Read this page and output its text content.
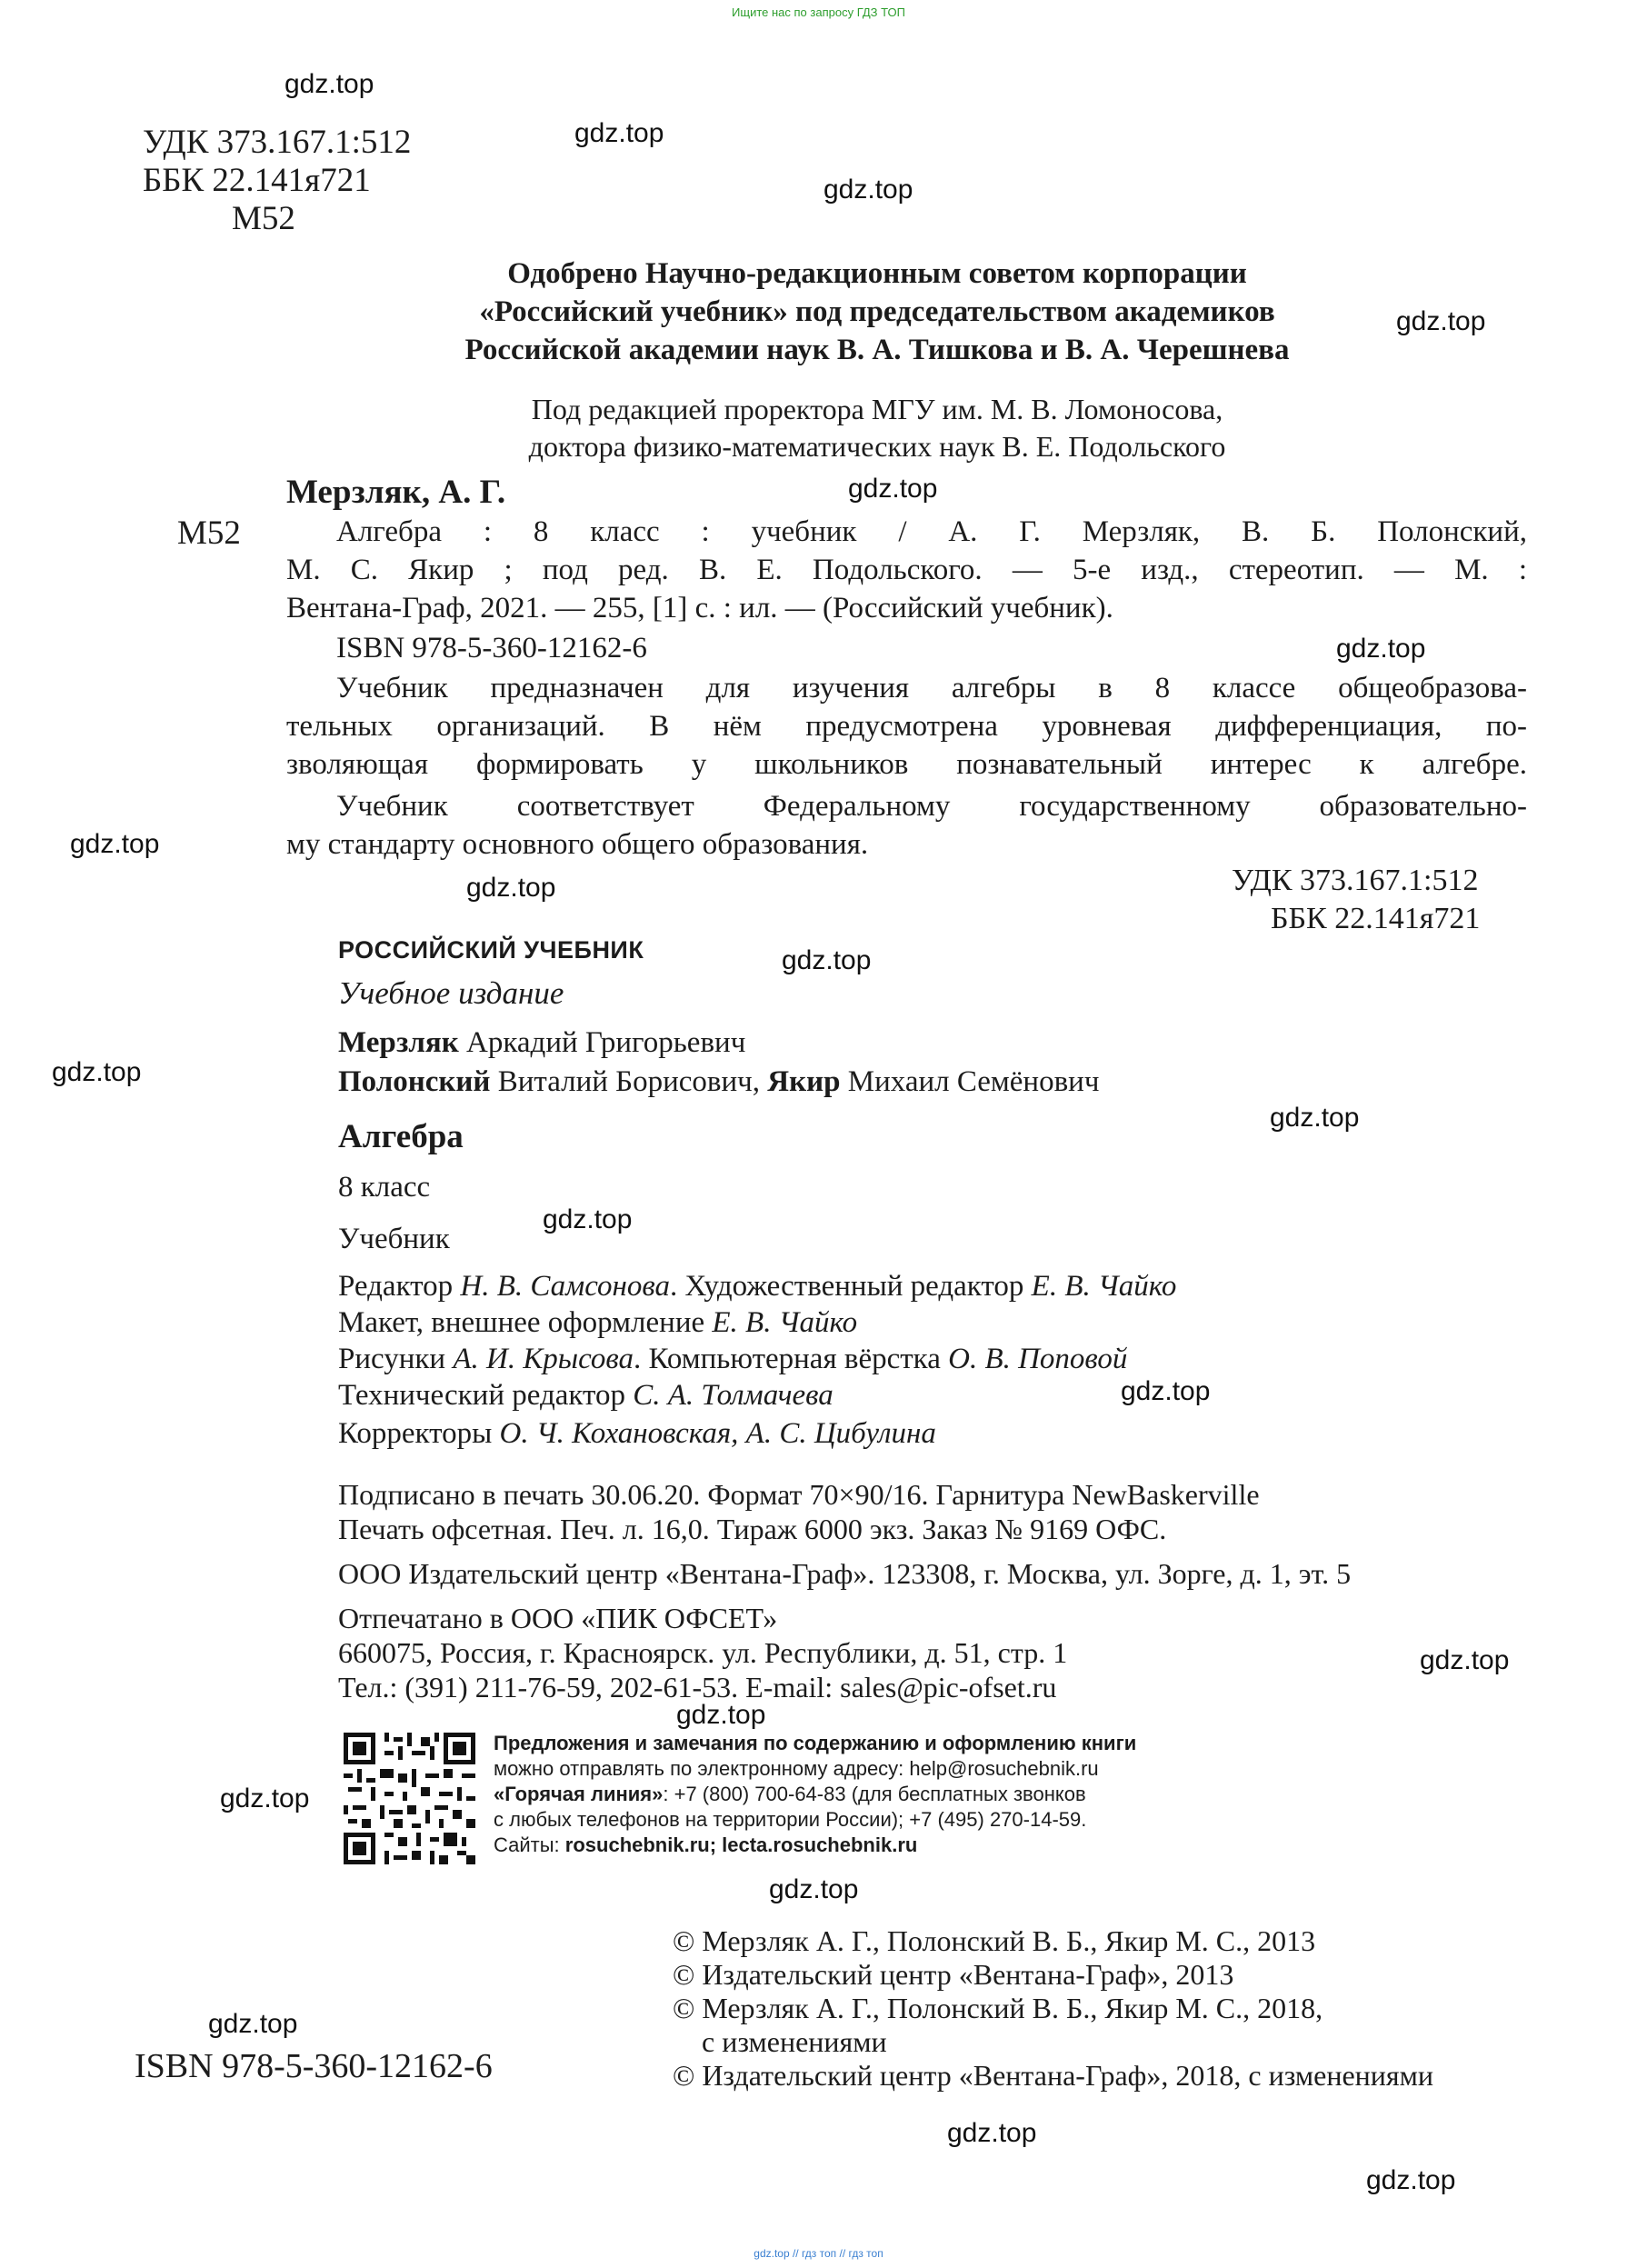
Ищите нас по запросу ГДЗ ТОП
gdz.top // гдз топ // гдз топ
gdz.top
gdz.top
gdz.top
gdz.top
gdz.top
gdz.top
gdz.top
gdz.top
gdz.top
gdz.top
gdz.top
gdz.top
gdz.top
gdz.top
gdz.top
gdz.top
gdz.top
gdz.top
gdz.top
gdz.top
УДК 373.167.1:512
ББК 22.141я721
М52
Одобрено Научно-редакционным советом корпорации
«Российский учебник» под председательством академиков
Российской академии наук В. А. Тишкова и В. А. Черешнева
Под редакцией проректора МГУ им. М. В. Ломоносова,
доктора физико-математических наук В. Е. Подольского
М52
Мерзляк, А. Г.
Алгебра : 8 класс : учебник / А. Г. Мерзляк, В. Б. Полонский,
М. С. Якир ; под ред. В. Е. Подольского. — 5-е изд., стереотип. — М. :
Вентана-Граф, 2021. — 255, [1] с. : ил. — (Российский учебник).
ISBN 978-5-360-12162-6
Учебник предназначен для изучения алгебры в 8 классе общеобразова-
тельных организаций. В нём предусмотрена уровневая дифференциация, по-
зволяющая формировать у школьников познавательный интерес к алгебре.
Учебник соответствует Федеральному государственному образовательно-
му стандарту основного общего образования.
УДК 373.167.1:512
ББК 22.141я721
РОССИЙСКИЙ УЧЕБНИК
Учебное издание
Мерзляк Аркадий Григорьевич
Полонский Виталий Борисович, Якир Михаил Семёнович
Алгебра
8 класс
Учебник
Редактор Н. В. Самсонова. Художественный редактор Е. В. Чайко
Макет, внешнее оформление Е. В. Чайко
Рисунки А. И. Крысова. Компьютерная вёрстка О. В. Поповой
Технический редактор С. А. Толмачева
Корректоры О. Ч. Кохановская, А. С. Цибулина
Подписано в печать 30.06.20. Формат 70×90/16. Гарнитура NewBaskerville
Печать офсетная. Печ. л. 16,0. Тираж 6000 экз. Заказ № 9169 ОФС.
ООО Издательский центр «Вентана-Граф». 123308, г. Москва, ул. Зорге, д. 1, эт. 5
Отпечатано в ООО «ПИК ОФСЕТ»
660075, Россия, г. Красноярск. ул. Республики, д. 51, стр. 1
Тел.: (391) 211-76-59, 202-61-53. E-mail: sales@pic-ofset.ru
Предложения и замечания по содержанию и оформлению книги
можно отправлять по электронному адресу: help@rosuchebnik.ru
«Горячая линия»: +7 (800) 700-64-83 (для бесплатных звонков
с любых телефонов на территории России); +7 (495) 270-14-59.
Сайты: rosuchebnik.ru; lecta.rosuchebnik.ru
© Мерзляк А. Г., Полонский В. Б., Якир М. С., 2013
© Издательский центр «Вентана-Граф», 2013
© Мерзляк А. Г., Полонский В. Б., Якир М. С., 2018,
с изменениями
© Издательский центр «Вентана-Граф», 2018, с изменениями
ISBN 978-5-360-12162-6
